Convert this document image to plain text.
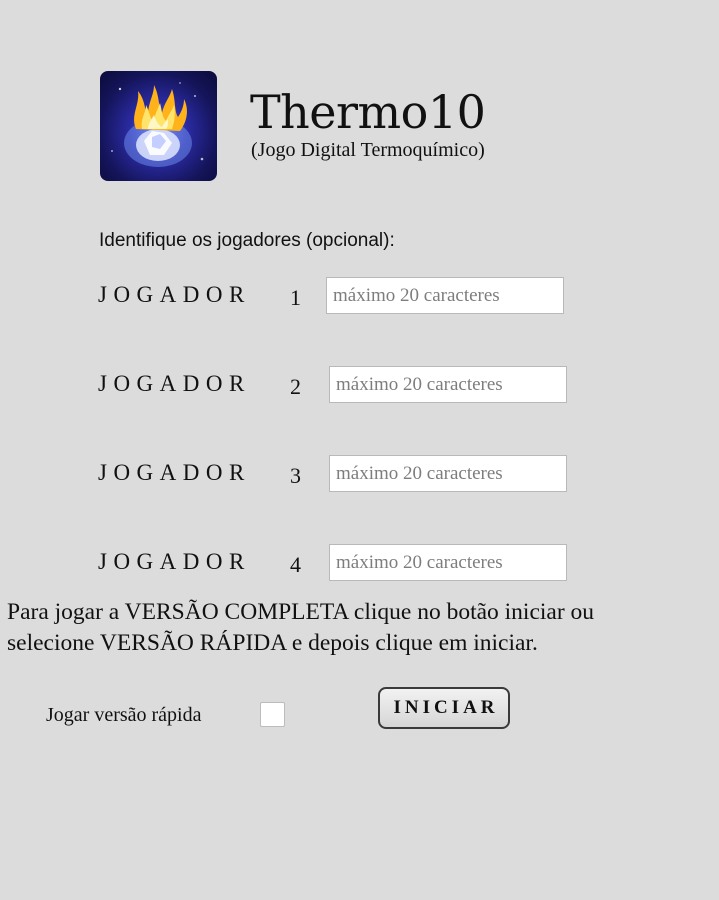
Thermo10
(Jogo Digital Termoquímico)
Identifique os jogadores (opcional):
JOGADOR 1
máximo 20 caracteres
JOGADOR 2
máximo 20 caracteres
JOGADOR 3
máximo 20 caracteres
JOGADOR 4
máximo 20 caracteres

Para jogar a VERSÃO COMPLETA clique no botão iniciar ou
selecione VERSÃO RÁPIDA e depois clique em iniciar.

Jogar versão rápida	INICIAR
